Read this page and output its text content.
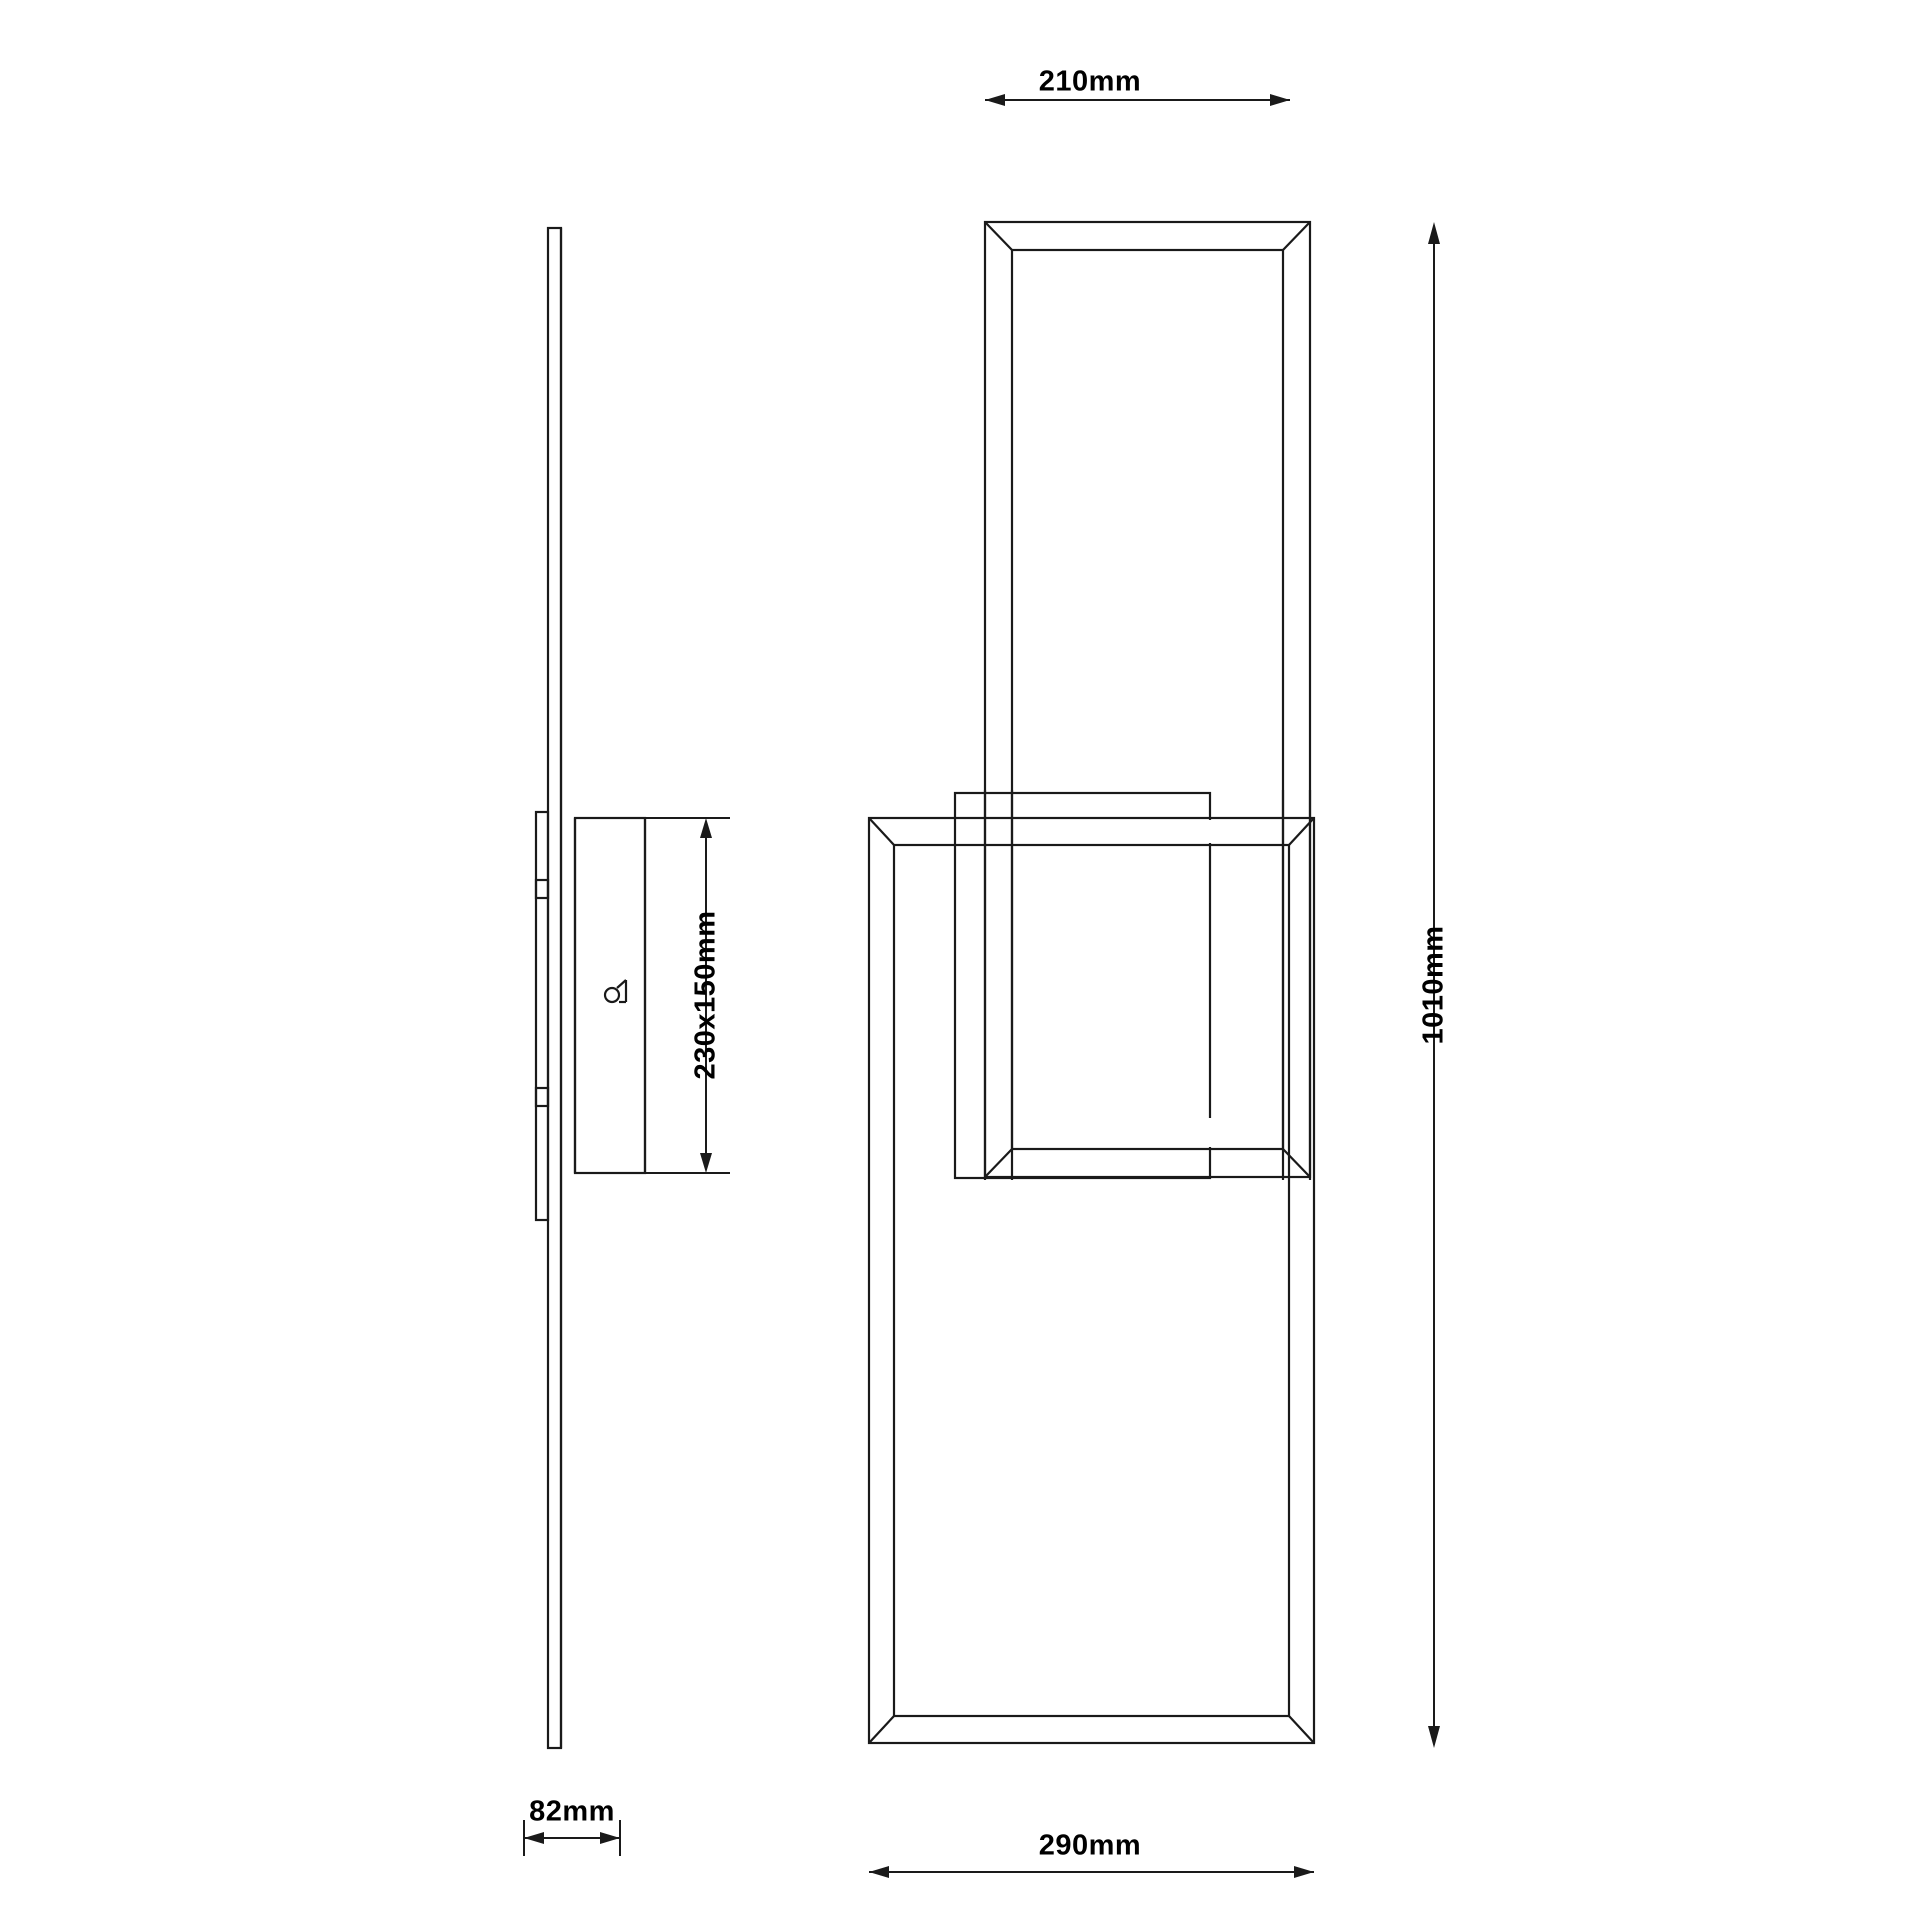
210mm
230x150mm	1010mm
82mm
290mm
